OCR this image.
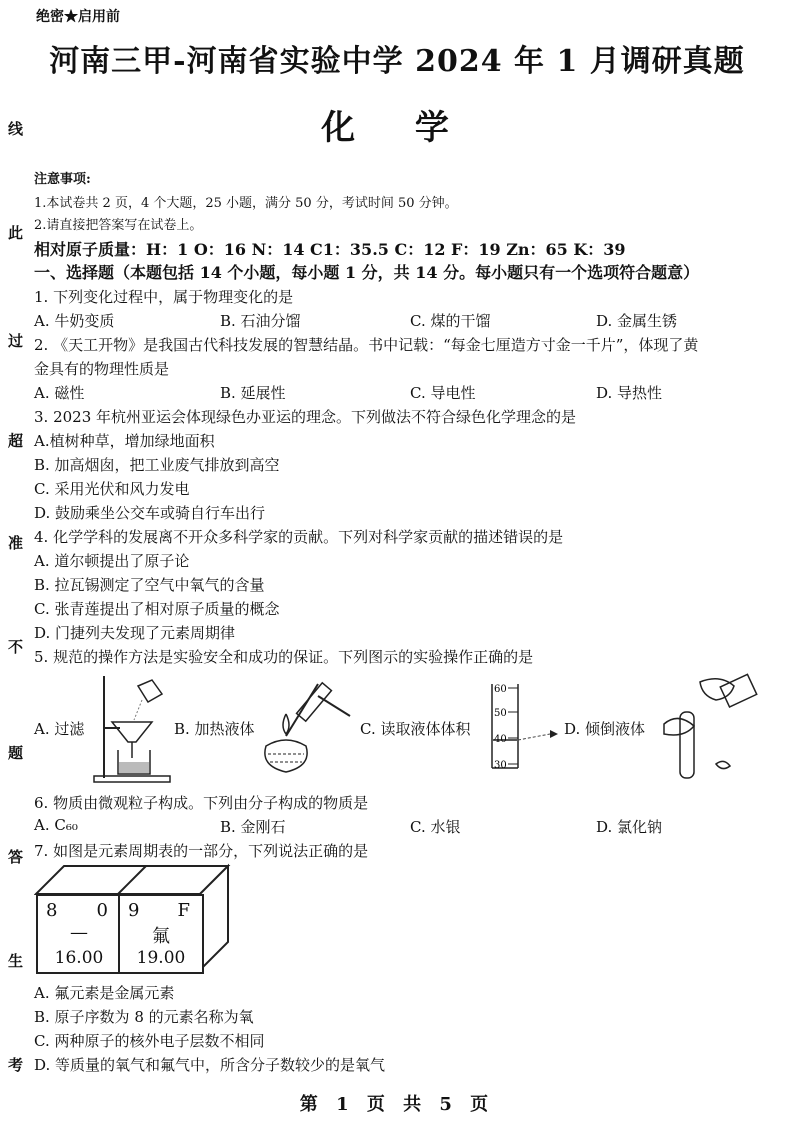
线
此
过
超
准
不
题
答
生
考
绝密★启用前
河南三甲-河南省实验中学 2024 年 1 月调研真题
化 学
注意事项:
1.本试卷共 2 页，4 个大题，25 小题，满分 50 分，考试时间 50 分钟。
2.请直接把答案写在试卷上。
相对原子质量：H：1 O：16 N：14 C1：35.5 C：12 F：19 Zn：65 K：39
一、选择题（本题包括 14 个小题，每小题 1 分，共 14 分。每小题只有一个选项符合题意）
1. 下列变化过程中，属于物理变化的是
A. 牛奶变质	B. 石油分馏	C. 煤的干馏	D. 金属生锈
2. 《天工开物》是我国古代科技发展的智慧结晶。书中记载：“每金七厘造方寸金一千片”，体现了黄
金具有的物理性质是
A. 磁性	B. 延展性	C. 导电性	D. 导热性
3. 2023 年杭州亚运会体现绿色办亚运的理念。下列做法不符合绿色化学理念的是
A.植树种草，增加绿地面积
B. 加高烟囱，把工业废气排放到高空
C. 采用光伏和风力发电
D. 鼓励乘坐公交车或骑自行车出行
4. 化学学科的发展离不开众多科学家的贡献。下列对科学家贡献的描述错误的是
A. 道尔顿提出了原子论
B. 拉瓦锡测定了空气中氧气的含量
C. 张青莲提出了相对原子质量的概念
D. 门捷列夫发现了元素周期律
5. 规范的操作方法是实验安全和成功的保证。下列图示的实验操作正确的是
A. 过滤	B. 加热液体	C. 读取液体体积	D. 倾倒液体
60
50
40
30
6. 物质由微观粒子构成。下列由分子构成的物质是
A. C₆₀	B. 金刚石	C. 水银	D. 氯化钠
7. 如图是元素周期表的一部分，下列说法正确的是
8 0
—
16.00
9 F
氟
19.00
A. 氟元素是金属元素
B. 原子序数为 8 的元素名称为氧
C. 两种原子的核外电子层数不相同
D. 等质量的氧气和氟气中，所含分子数较少的是氧气
第 1 页 共 5 页
